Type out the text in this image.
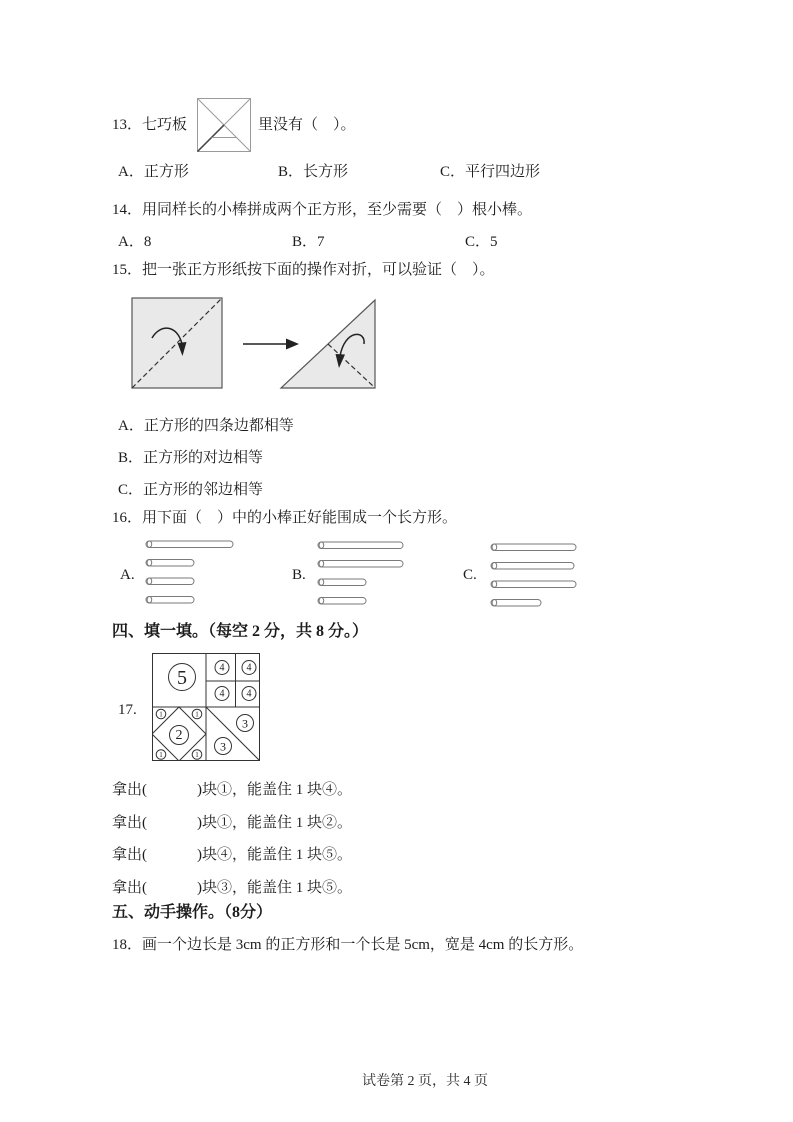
13．七巧板	里没有（　）。
A．正方形	B．长方形	C．平行四边形
14．用同样长的小棒拼成两个正方形，至少需要（　）根小棒。
A．8	B．7	C．5
15．把一张正方形纸按下面的操作对折，可以验证（　）。
A．正方形的四条边都相等
B．正方形的对边相等
C．正方形的邻边相等
16．用下面（　）中的小棒正好能围成一个长方形。
A.	B.	C.
四、填一填。（每空 2 分，共 8 分。）
17.
5	4 4
4 4
2
1	1
1	1
3
3
拿出(	)块①，能盖住 1 块④。
拿出(	)块①，能盖住 1 块②。
拿出(	)块④，能盖住 1 块⑤。
拿出(	)块③，能盖住 1 块⑤。
五、动手操作。（8分）
18．画一个边长是 3cm 的正方形和一个长是 5cm，宽是 4cm 的长方形。
试卷第 2 页，共 4 页
